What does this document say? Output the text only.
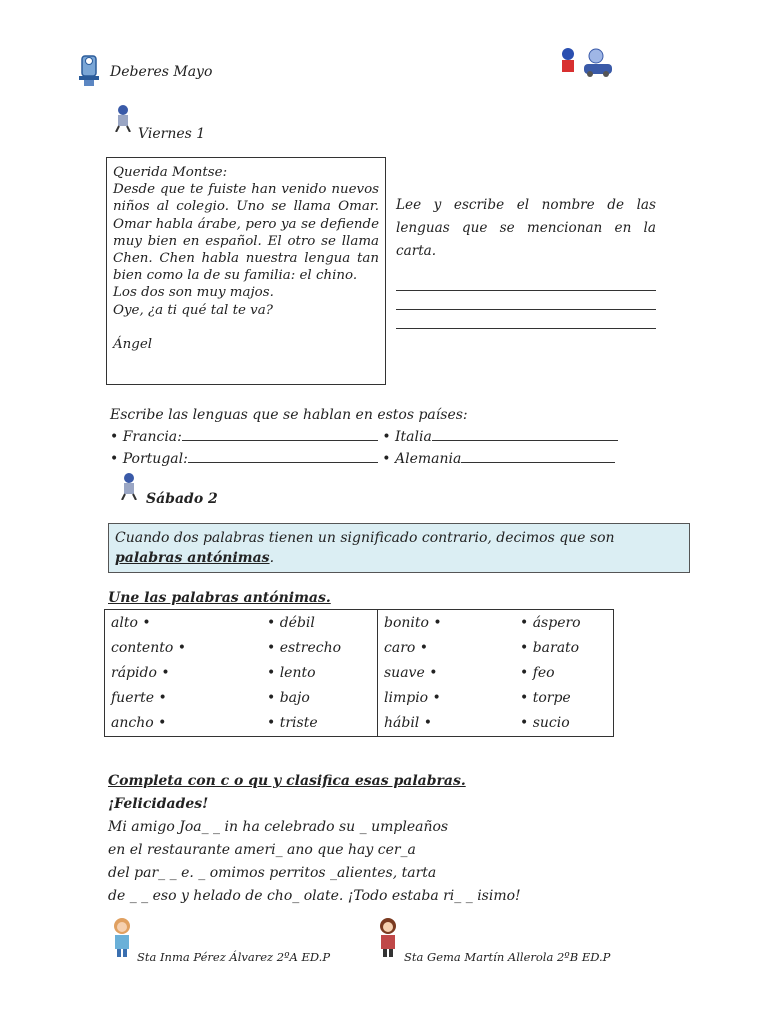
Deberes Mayo
Viernes 1

Querida Montse:

Desde que te fuiste han venido nuevos niños al colegio. Uno se llama Omar. Omar habla árabe, pero ya se defiende muy bien en español. El otro se llama Chen. Chen habla nuestra lengua tan bien como la de su familia: el chino.

Los dos son muy majos.

Oye, ¿a ti qué tal te va?

Ángel

Lee y escribe el nombre de las lenguas que se mencionan en la carta.
Escribe las lenguas que se hablan en estos países:
• Francia:	• Italia
• Portugal:	• Alemania
Sábado 2
Cuando dos palabras tienen un significado contrario, decimos que son palabras antónimas.
Une las palabras antónimas.
alto •	• débil	bonito •	• áspero
contento •	• estrecho	caro •	• barato
rápido •	• lento	suave •	• feo
fuerte •	• bajo	limpio •	• torpe
ancho •	• triste	hábil •	• sucio
Completa con c o qu y clasifica esas palabras.
¡Felicidades!
Mi amigo Joa_ _ in ha celebrado su _ umpleaños
en el restaurante ameri_ ano que hay cer_a
del par_ _ e. _ omimos perritos _alientes, tarta
de _ _ eso y helado de cho_ olate. ¡Todo estaba ri_ _ isimo!
Sta Inma Pérez Álvarez 2ºA ED.P	Sta Gema Martín Allerola 2ºB ED.P
